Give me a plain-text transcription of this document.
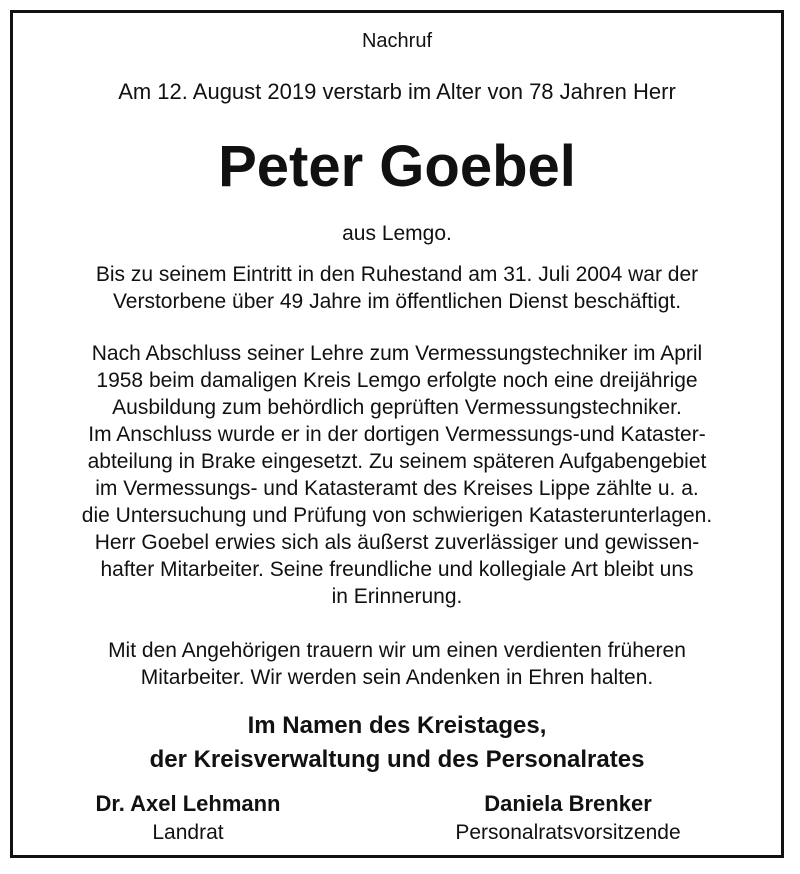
Nachruf
Am 12. August 2019 verstarb im Alter von 78 Jahren Herr
Peter Goebel
aus Lemgo.
Bis zu seinem Eintritt in den Ruhestand am 31. Juli 2004 war der
Verstorbene über 49 Jahre im öffentlichen Dienst beschäftigt.
Nach Abschluss seiner Lehre zum Vermessungstechniker im April
1958 beim damaligen Kreis Lemgo erfolgte noch eine dreijährige
Ausbildung zum behördlich geprüften Vermessungstechniker.
Im Anschluss wurde er in der dortigen Vermessungs-und Kataster-
abteilung in Brake eingesetzt. Zu seinem späteren Aufgabengebiet
im Vermessungs- und Katasteramt des Kreises Lippe zählte u. a.
die Untersuchung und Prüfung von schwierigen Katasterunterlagen.
Herr Goebel erwies sich als äußerst zuverlässiger und gewissen-
hafter Mitarbeiter. Seine freundliche und kollegiale Art bleibt uns
in Erinnerung.
Mit den Angehörigen trauern wir um einen verdienten früheren
Mitarbeiter. Wir werden sein Andenken in Ehren halten.
Im Namen des Kreistages,
der Kreisverwaltung und des Personalrates
Dr. Axel Lehmann
Landrat
Daniela Brenker
Personalratsvorsitzende
